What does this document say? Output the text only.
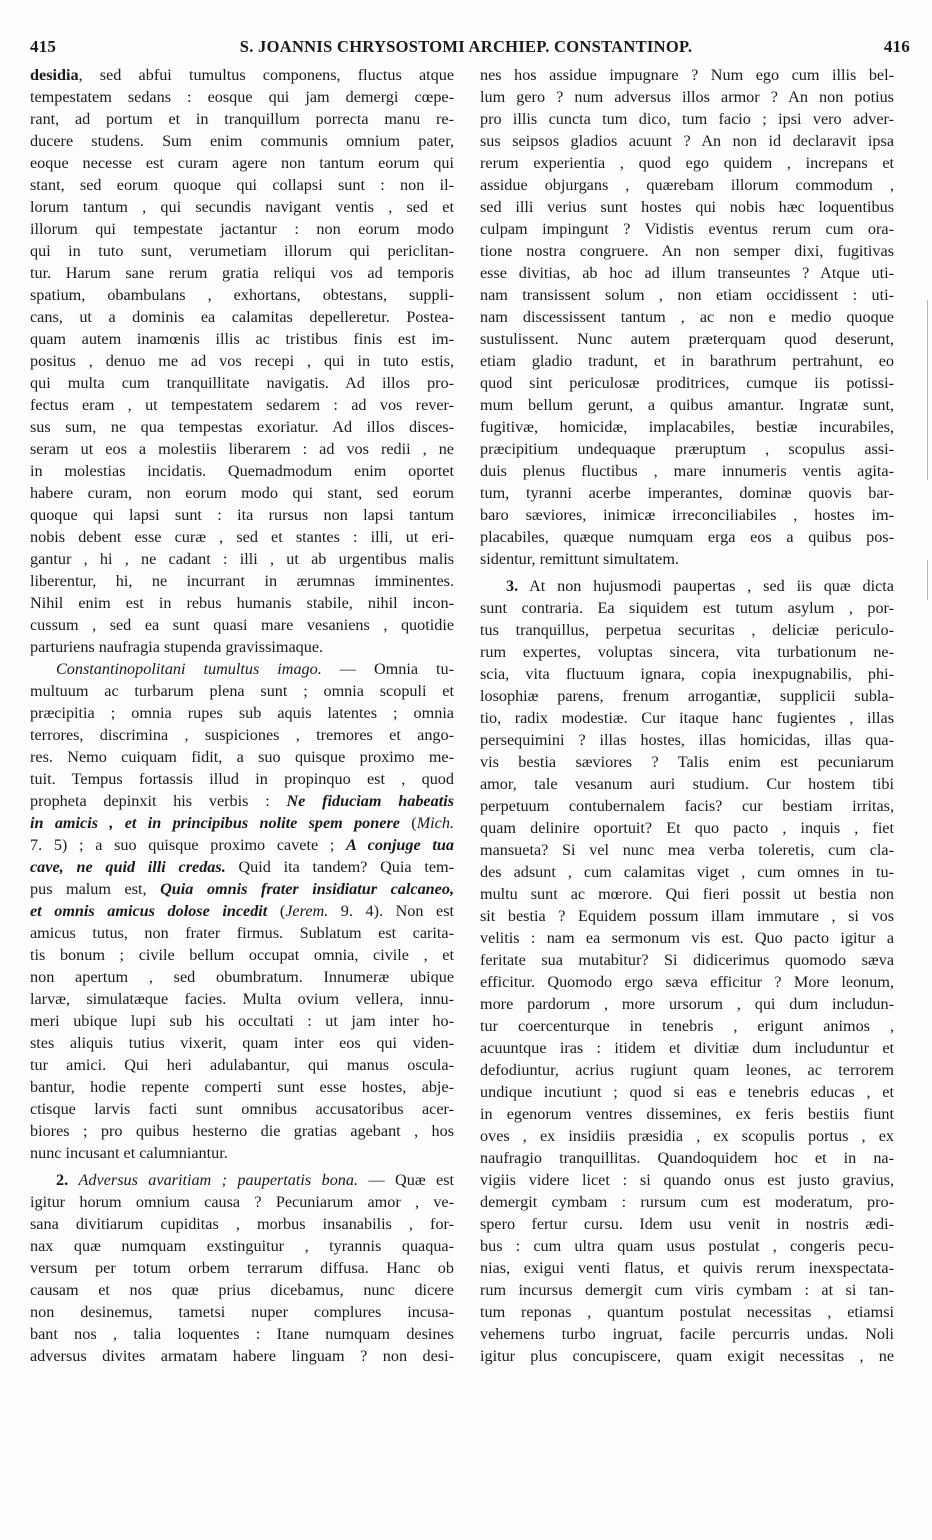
415	S. JOANNIS CHRYSOSTOMI ARCHIEP. CONSTANTINOP.	416
desidia, sed abfui tumultus componens, fluctus atque
tempestatem sedans : eosque qui jam demergi cœpe-
rant, ad portum et in tranquillum porrecta manu re-
ducere studens. Sum enim communis omnium pater,
eoque necesse est curam agere non tantum eorum qui
stant, sed eorum quoque qui collapsi sunt : non il-
lorum tantum , qui secundis navigant ventis , sed et
illorum qui tempestate jactantur : non eorum modo
qui in tuto sunt, verumetiam illorum qui periclitan-
tur. Harum sane rerum gratia reliqui vos ad temporis
spatium, obambulans , exhortans, obtestans, suppli-
cans, ut a dominis ea calamitas depelleretur. Postea-
quam autem inamœnis illis ac tristibus finis est im-
positus , denuo me ad vos recepi , qui in tuto estis,
qui multa cum tranquillitate navigatis. Ad illos pro-
fectus eram , ut tempestatem sedarem : ad vos rever-
sus sum, ne qua tempestas exoriatur. Ad illos disces-
seram ut eos a molestiis liberarem : ad vos redii , ne
in molestias incidatis. Quemadmodum enim oportet
habere curam, non eorum modo qui stant, sed eorum
quoque qui lapsi sunt : ita rursus non lapsi tantum
nobis debent esse curæ , sed et stantes : illi, ut eri-
gantur , hi , ne cadant : illi , ut ab urgentibus malis
liberentur, hi, ne incurrant in ærumnas imminentes.
Nihil enim est in rebus humanis stabile, nihil incon-
cussum , sed ea sunt quasi mare vesaniens , quotidie
parturiens naufragia stupenda gravissimaque.
Constantinopolitani tumultus imago. — Omnia tu-
multuum ac turbarum plena sunt ; omnia scopuli et
præcipitia ; omnia rupes sub aquis latentes ; omnia
terrores, discrimina , suspiciones , tremores et ango-
res. Nemo cuiquam fidit, a suo quisque proximo me-
tuit. Tempus fortassis illud in propinquo est , quod
propheta depinxit his verbis : Ne fiduciam habeatis
in amicis , et in principibus nolite spem ponere (Mich.
7. 5) ; a suo quisque proximo cavete ; A conjuge tua
cave, ne quid illi credas. Quid ita tandem? Quia tem-
pus malum est, Quia omnis frater insidiatur calcaneo,
et omnis amicus dolose incedit (Jerem. 9. 4). Non est
amicus tutus, non frater firmus. Sublatum est carita-
tis bonum ; civile bellum occupat omnia, civile , et
non apertum , sed obumbratum. Innumeræ ubique
larvæ, simulatæque facies. Multa ovium vellera, innu-
meri ubique lupi sub his occultati : ut jam inter ho-
stes aliquis tutius vixerit, quam inter eos qui viden-
tur amici. Qui heri adulabantur, qui manus oscula-
bantur, hodie repente comperti sunt esse hostes, abje-
ctisque larvis facti sunt omnibus accusatoribus acer-
biores ; pro quibus hesterno die gratias agebant , hos
nunc incusant et calumniantur.
2. Adversus avaritiam ; paupertatis bona. — Quæ est
igitur horum omnium causa ? Pecuniarum amor , ve-
sana divitiarum cupiditas , morbus insanabilis , for-
nax quæ numquam exstinguitur , tyrannis quaqua-
versum per totum orbem terrarum diffusa. Hanc ob
causam et nos quæ prius dicebamus, nunc dicere
non desinemus, tametsi nuper complures incusa-
bant nos , talia loquentes : Itane numquam desines
adversus divites armatam habere linguam ? non desi-
nes hos assidue impugnare ? Num ego cum illis bel-
lum gero ? num adversus illos armor ? An non potius
pro illis cuncta tum dico, tum facio ; ipsi vero adver-
sus seipsos gladios acuunt ? An non id declaravit ipsa
rerum experientia , quod ego quidem , increpans et
assidue objurgans , quærebam illorum commodum ,
sed illi verius sunt hostes qui nobis hæc loquentibus
culpam impingunt ? Vidistis eventus rerum cum ora-
tione nostra congruere. An non semper dixi, fugitivas
esse divitias, ab hoc ad illum transeuntes ? Atque uti-
nam transissent solum , non etiam occidissent : uti-
nam discessissent tantum , ac non e medio quoque
sustulissent. Nunc autem præterquam quod deserunt,
etiam gladio tradunt, et in barathrum pertrahunt, eo
quod sint periculosæ proditrices, cumque iis potissi-
mum bellum gerunt, a quibus amantur. Ingratæ sunt,
fugitivæ, homicidæ, implacabiles, bestiæ incurabiles,
præcipitium undequaque præruptum , scopulus assi-
duis plenus fluctibus , mare innumeris ventis agita-
tum, tyranni acerbe imperantes, dominæ quovis bar-
baro sæviores, inimicæ irreconciliabiles , hostes im-
placabiles, quæque numquam erga eos a quibus pos-
sidentur, remittunt simultatem.
3. At non hujusmodi paupertas , sed iis quæ dicta
sunt contraria. Ea siquidem est tutum asylum , por-
tus tranquillus, perpetua securitas , deliciæ periculo-
rum expertes, voluptas sincera, vita turbationum ne-
scia, vita fluctuum ignara, copia inexpugnabilis, phi-
losophiæ parens, frenum arrogantiæ, supplicii subla-
tio, radix modestiæ. Cur itaque hanc fugientes , illas
persequimini ? illas hostes, illas homicidas, illas qua-
vis bestia sæviores ? Talis enim est pecuniarum
amor, tale vesanum auri studium. Cur hostem tibi
perpetuum contubernalem facis? cur bestiam irritas,
quam delinire oportuit? Et quo pacto , inquis , fiet
mansueta? Si vel nunc mea verba toleretis, cum cla-
des adsunt , cum calamitas viget , cum omnes in tu-
multu sunt ac mœrore. Qui fieri possit ut bestia non
sit bestia ? Equidem possum illam immutare , si vos
velitis : nam ea sermonum vis est. Quo pacto igitur a
feritate sua mutabitur? Si didicerimus quomodo sæva
efficitur. Quomodo ergo sæva efficitur ? More leonum,
more pardorum , more ursorum , qui dum includun-
tur coercenturque in tenebris , erigunt animos ,
acuuntque iras : itidem et divitiæ dum includuntur et
defodiuntur, acrius rugiunt quam leones, ac terrorem
undique incutiunt ; quod si eas e tenebris educas , et
in egenorum ventres dissemines, ex feris bestiis fiunt
oves , ex insidiis præsidia , ex scopulis portus , ex
naufragio tranquillitas. Quandoquidem hoc et in na-
vigiis videre licet : si quando onus est justo gravius,
demergit cymbam : rursum cum est moderatum, pro-
spero fertur cursu. Idem usu venit in nostris ædi-
bus : cum ultra quam usus postulat , congeris pecu-
nias, exigui venti flatus, et quivis rerum inexspectata-
rum incursus demergit cum viris cymbam : at si tan-
tum reponas , quantum postulat necessitas , etiamsi
vehemens turbo ingruat, facile percurris undas. Noli
igitur plus concupiscere, quam exigit necessitas , ne
